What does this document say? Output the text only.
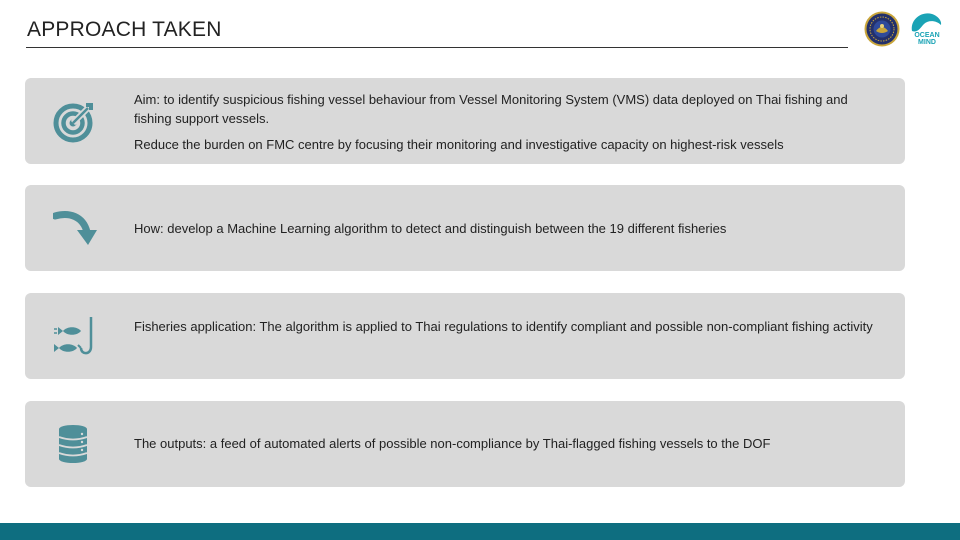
APPROACH TAKEN	OCEAN
MIND

Aim: to identify suspicious fishing vessel behaviour from Vessel Monitoring System (VMS) data deployed on Thai fishing and fishing support vessels.

Reduce the burden on FMC centre by focusing their monitoring and investigative capacity on highest-risk vessels

How: develop a Machine Learning algorithm to detect and distinguish between the 19 different fisheries

Fisheries application: The algorithm is applied to Thai regulations to identify compliant and possible non-compliant fishing activity

The outputs: a feed of automated alerts of possible non-compliance by Thai-flagged fishing vessels to the DOF
